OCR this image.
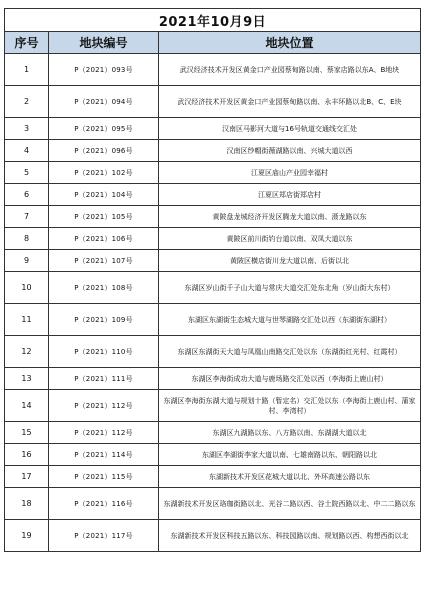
2021年10月9日		
序号	地块编号	地块位置
1	P（2021）093号	武汉经济技术开发区黄金口产业园蔡甸路以南、蔡家店路以东A、B地块
2	P（2021）094号	武汉经济技术开发区黄金口产业园蔡甸路以南、永丰环路以北B、C、E块
3	P（2021）095号	汉南区马影河大道与16号轨道交通线交汇处
4	P（2021）096号	汉南区纱帽街薇湖路以南、兴城大道以西
5	P（2021）102号	江夏区庙山产业园幸福村
6	P（2021）104号	江夏区郑店街郑店村
7	P（2021）105号	黄陂盘龙城经济开发区腾龙大道以南、滠龙路以东
8	P（2021）106号	黄陂区前川街钓台道以南、双凤大道以东
9	P（2021）107号	黄陂区横店街川龙大道以南、后街以北
10	P（2021）108号	东湖区岁山街千子山大道与常庆大道交汇处东北角（岁山街大东村）
11	P（2021）109号	东湖区东湖街生态城大道与世琴湖路交汇处以西（东湖街东湖村）
12	P（2021）110号	东湖区东湖街天大道与凤凰山南路交汇处以东（东湖街红光村、红霞村）
13	P（2021）111号	东湖区李海街成功大道与鹿场路交汇处以西（李海街上鹿山村）
14	P（2021）112号	东湖区李海街东湖大道与规划十路（暂定名）交汇处以东（李海街上鹿山村、蒲家村、李湾村）
15	P（2021）112号	东湖区九湖路以东、八方路以南、东湖湖大道以北
16	P（2021）114号	东湖区李湖街李家大道以南、七雄南路以东、朝阳路以北
17	P（2021）115号	东湖新技术开发区花城大道以北、外环高速公路以东
18	P（2021）116号	东湖新技术开发区珞珈街路以北、光谷二路以西、谷土院西路以北、中二二路以东
19	P（2021）117号	东湖新技术开发区科技五路以东、科技园路以南、规划路以西、构想西街以北
